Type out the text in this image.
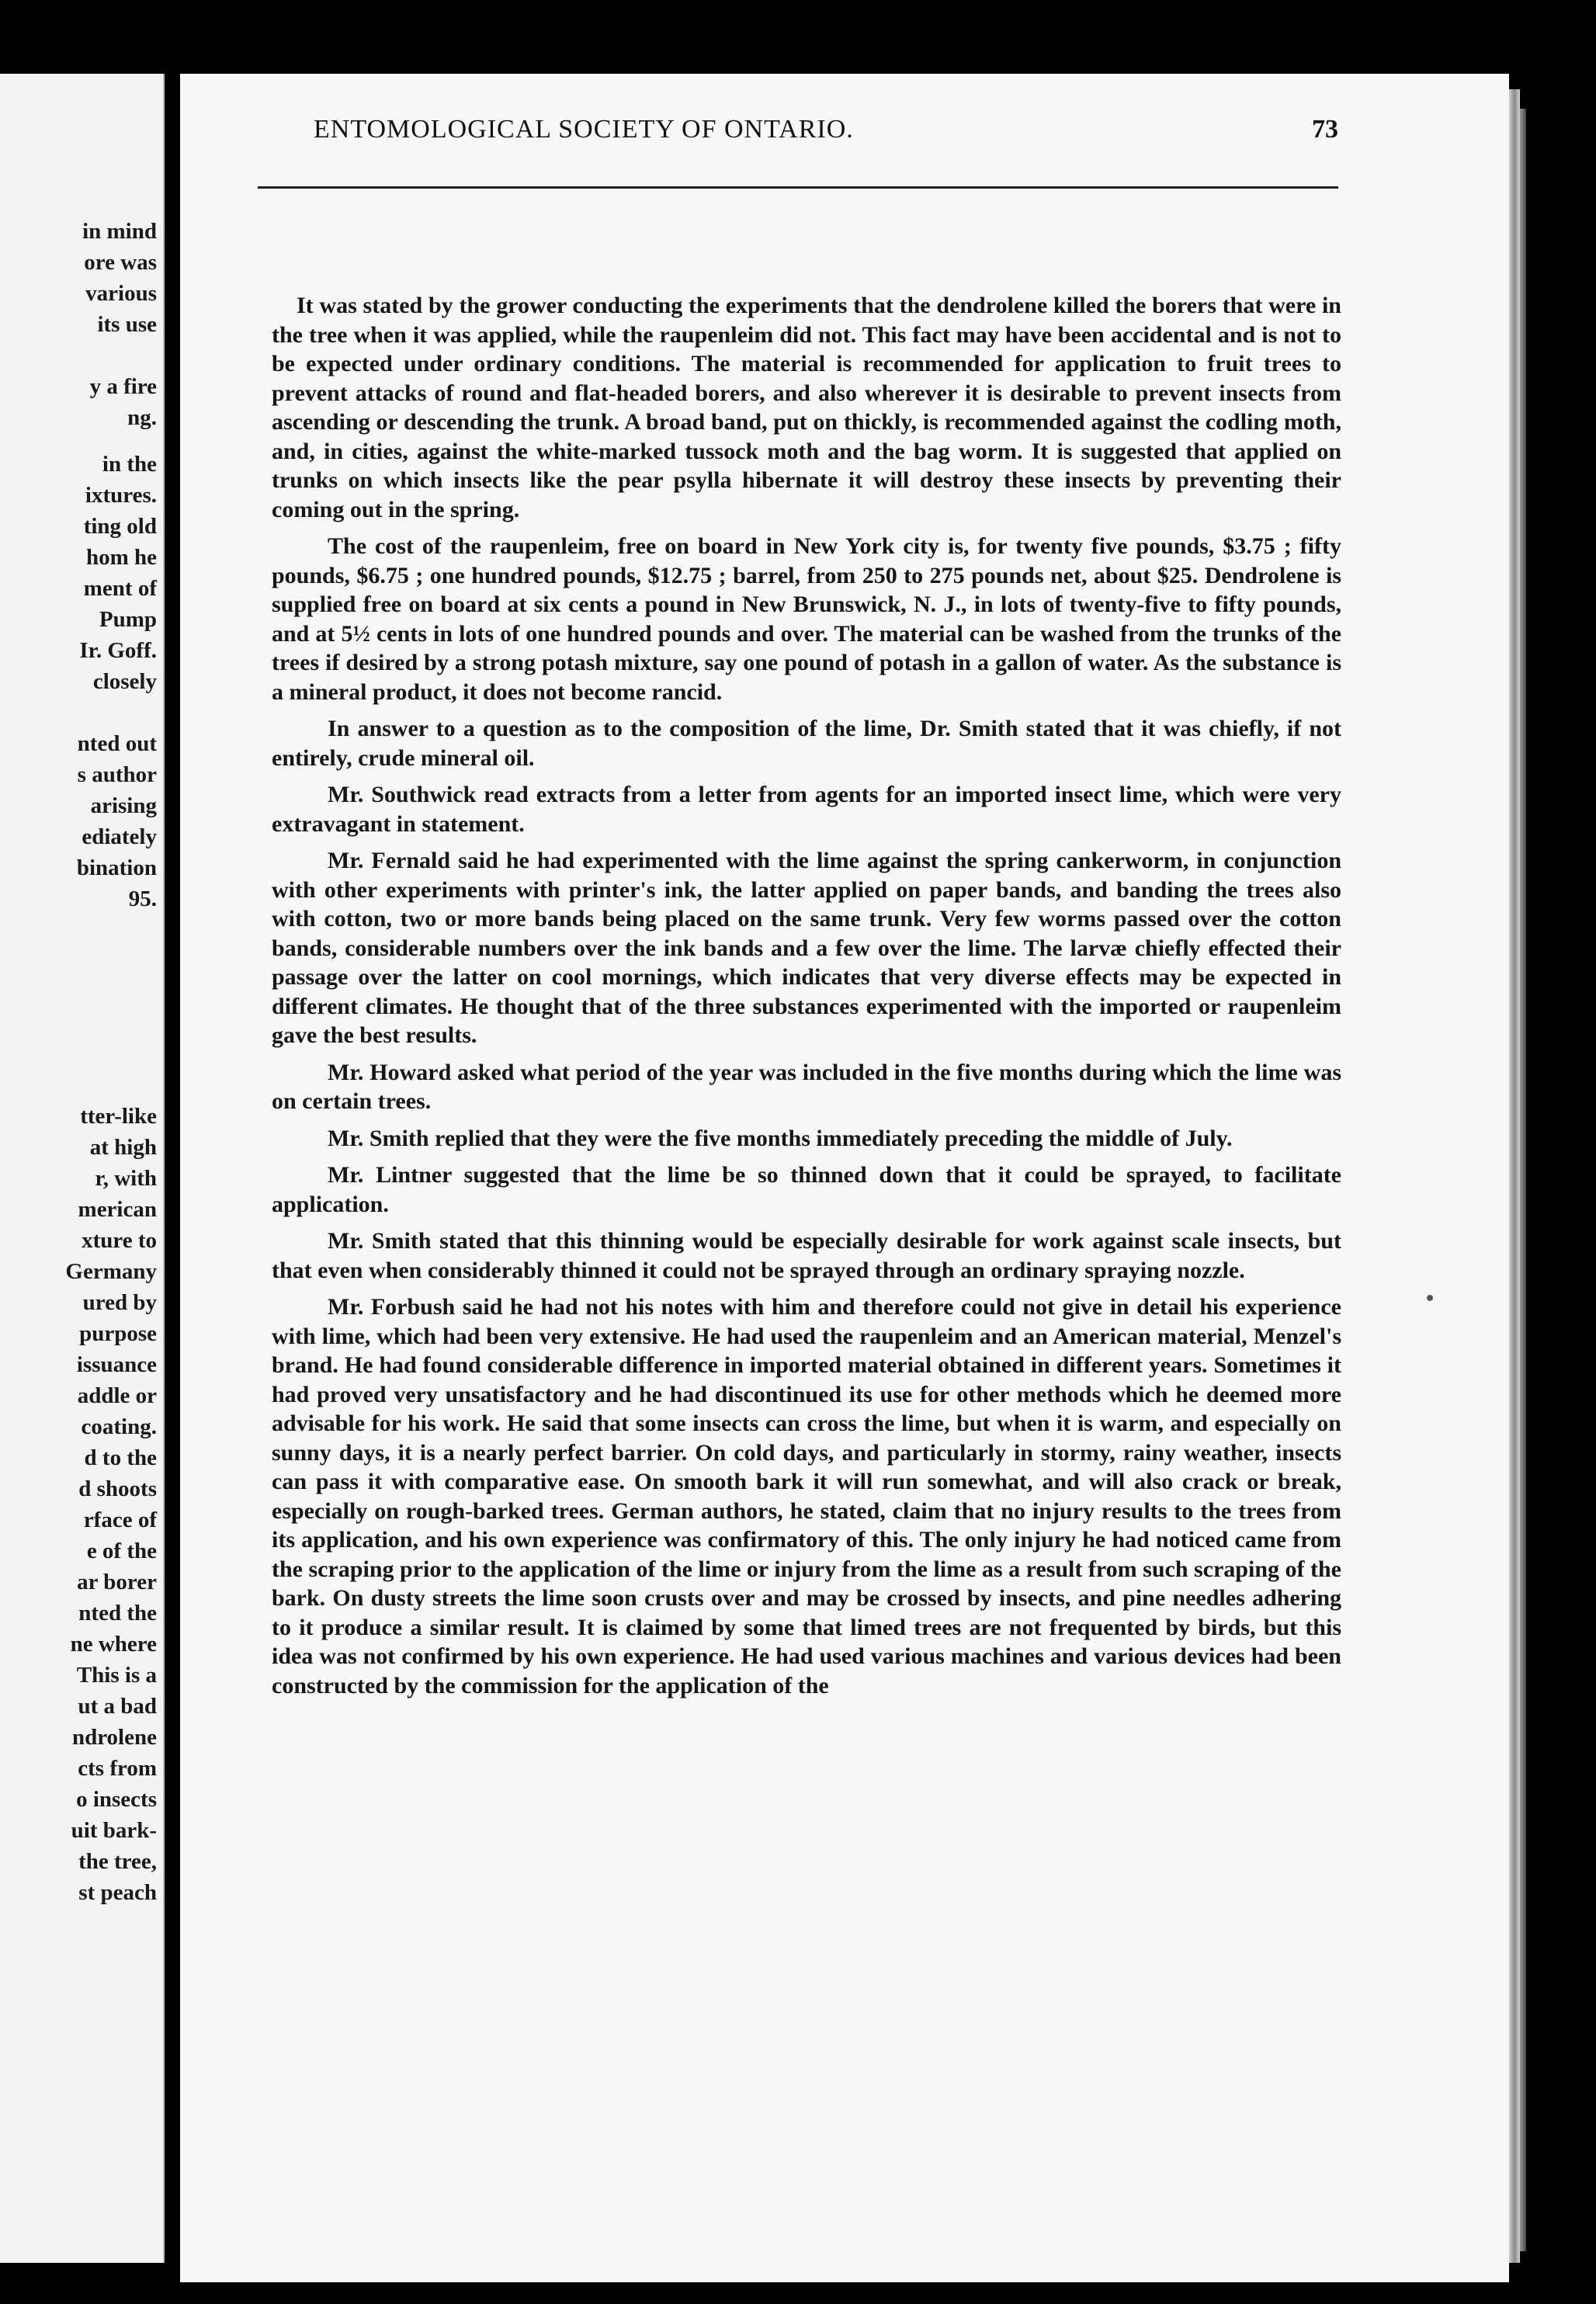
in mind
ore was
various
its use
y a fire
ng.
in the
ixtures.
ting old
hom he
ment of
Pump
Ir. Goff.
closely
nted out
s author
arising
ediately
bination
95.
tter-like
at high
r, with
merican
xture to
Germany
ured by
purpose
issuance
addle or
coating.
d to the
d shoots
rface of
e of the
ar borer
nted the
ne where
This is a
ut a bad
ndrolene
cts from
o insects
uit bark-
the tree,
st peach
ENTOMOLOGICAL SOCIETY OF ONTARIO.	73

It was stated by the grower conducting the experiments that the dendrolene killed the borers that were in the tree when it was applied, while the raupenleim did not. This fact may have been accidental and is not to be expected under ordinary conditions. The material is recommended for application to fruit trees to prevent attacks of round and flat-headed borers, and also wherever it is desirable to prevent insects from ascending or descending the trunk. A broad band, put on thickly, is recommended against the codling moth, and, in cities, against the white-marked tussock moth and the bag worm. It is suggested that applied on trunks on which insects like the pear psylla hibernate it will destroy these insects by preventing their coming out in the spring.

The cost of the raupenleim, free on board in New York city is, for twenty five pounds, $3.75 ; fifty pounds, $6.75 ; one hundred pounds, $12.75 ; barrel, from 250 to 275 pounds net, about $25. Dendrolene is supplied free on board at six cents a pound in New Brunswick, N. J., in lots of twenty-five to fifty pounds, and at 5½ cents in lots of one hundred pounds and over. The material can be washed from the trunks of the trees if desired by a strong potash mixture, say one pound of potash in a gallon of water. As the substance is a mineral product, it does not become rancid.

In answer to a question as to the composition of the lime, Dr. Smith stated that it was chiefly, if not entirely, crude mineral oil.

Mr. Southwick read extracts from a letter from agents for an imported insect lime, which were very extravagant in statement.

Mr. Fernald said he had experimented with the lime against the spring cankerworm, in conjunction with other experiments with printer's ink, the latter applied on paper bands, and banding the trees also with cotton, two or more bands being placed on the same trunk. Very few worms passed over the cotton bands, considerable numbers over the ink bands and a few over the lime. The larvæ chiefly effected their passage over the latter on cool mornings, which indicates that very diverse effects may be expected in different climates. He thought that of the three substances experimented with the imported or raupenleim gave the best results.

Mr. Howard asked what period of the year was included in the five months during which the lime was on certain trees.

Mr. Smith replied that they were the five months immediately preceding the middle of July.

Mr. Lintner suggested that the lime be so thinned down that it could be sprayed, to facilitate application.

Mr. Smith stated that this thinning would be especially desirable for work against scale insects, but that even when considerably thinned it could not be sprayed through an ordinary spraying nozzle.

Mr. Forbush said he had not his notes with him and therefore could not give in detail his experience with lime, which had been very extensive. He had used the raupenleim and an American material, Menzel's brand. He had found considerable difference in imported material obtained in different years. Sometimes it had proved very unsatisfactory and he had discontinued its use for other methods which he deemed more advisable for his work. He said that some insects can cross the lime, but when it is warm, and especially on sunny days, it is a nearly perfect barrier. On cold days, and particularly in stormy, rainy weather, insects can pass it with comparative ease. On smooth bark it will run somewhat, and will also crack or break, especially on rough-barked trees. German authors, he stated, claim that no injury results to the trees from its application, and his own experience was confirmatory of this. The only injury he had noticed came from the scraping prior to the application of the lime or injury from the lime as a result from such scraping of the bark. On dusty streets the lime soon crusts over and may be crossed by insects, and pine needles adhering to it produce a similar result. It is claimed by some that limed trees are not frequented by birds, but this idea was not confirmed by his own experience. He had used various machines and various devices had been constructed by the commission for the application of the
